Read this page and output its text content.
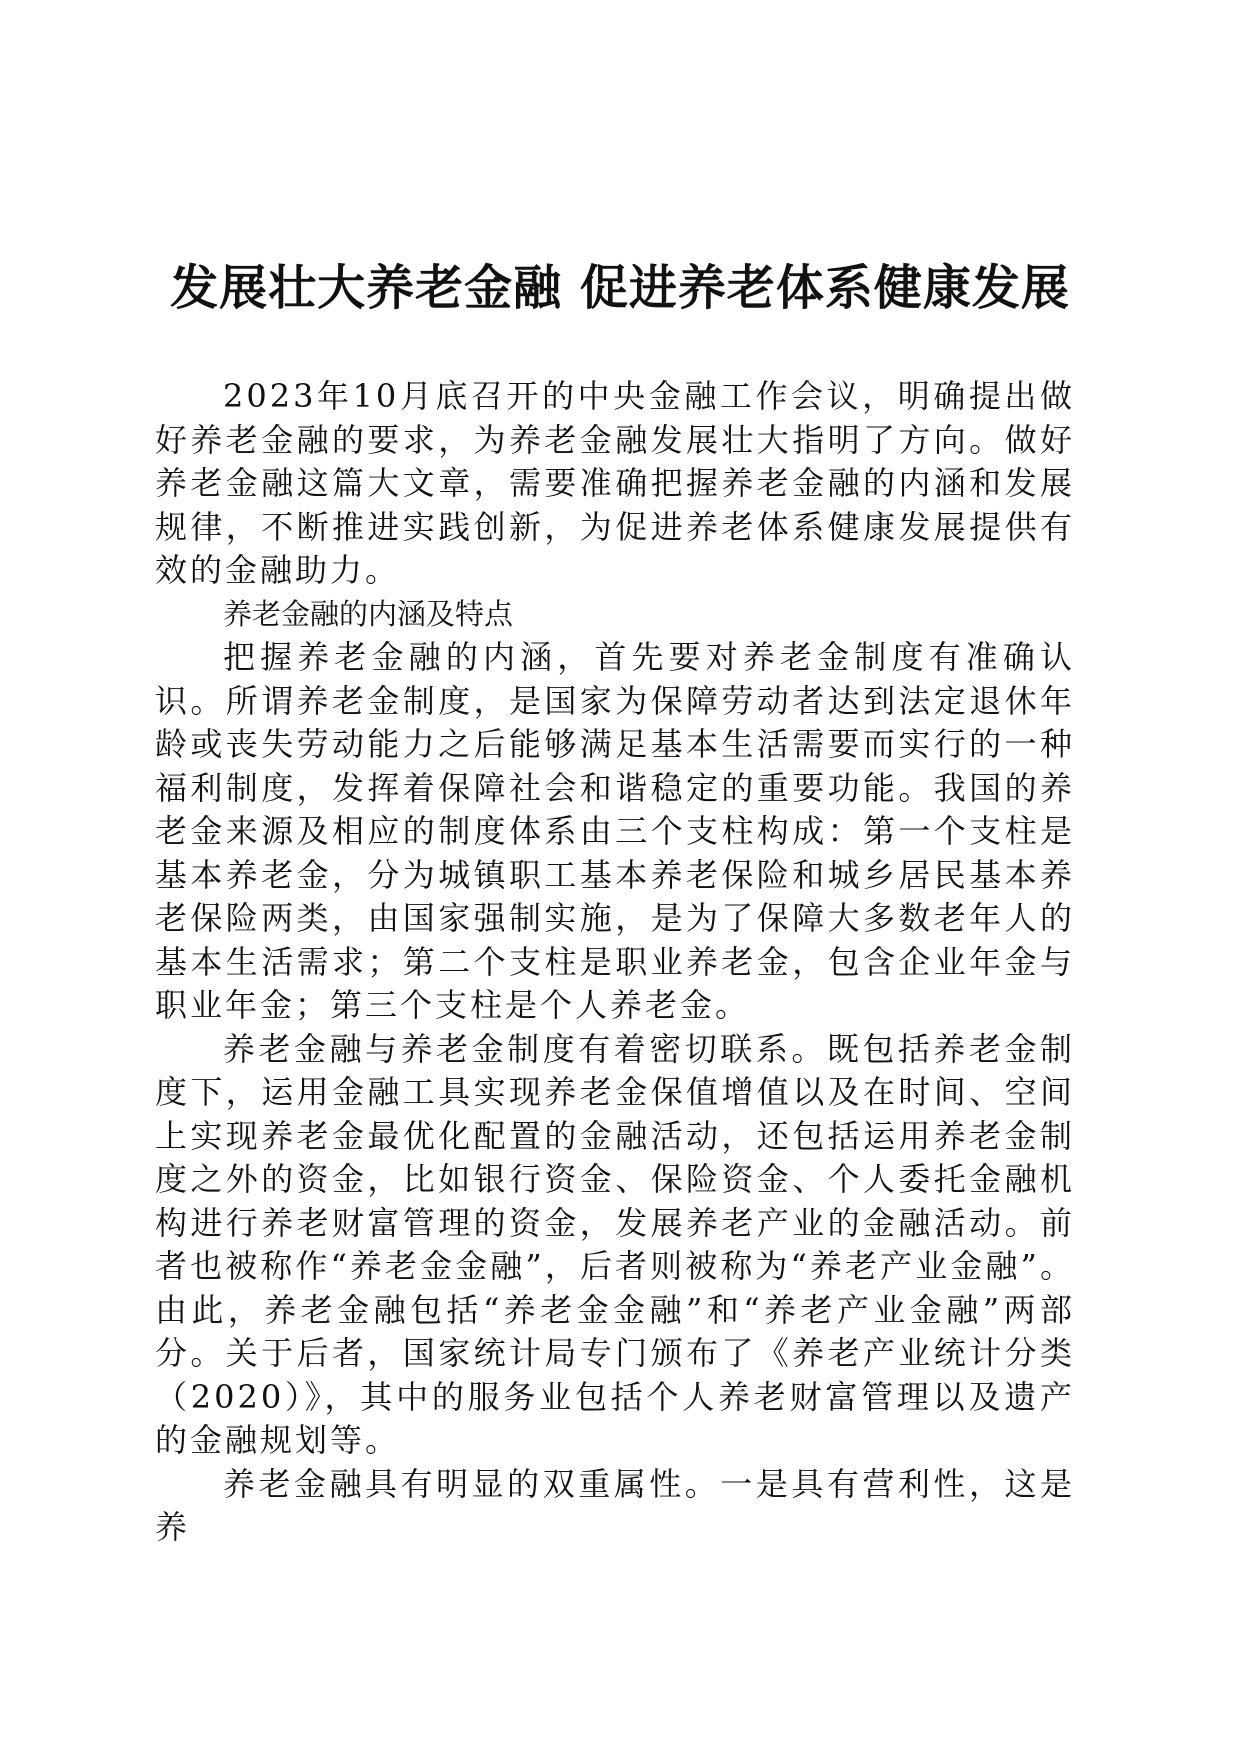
发展壮大养老金融 促进养老体系健康发展

2023年10月底召开的中央金融工作会议，明确提出做好养老金融的要求，为养老金融发展壮大指明了方向。做好养老金融这篇大文章，需要准确把握养老金融的内涵和发展规律，不断推进实践创新，为促进养老体系健康发展提供有效的金融助力。

养老金融的内涵及特点

把握养老金融的内涵，首先要对养老金制度有准确认识。所谓养老金制度，是国家为保障劳动者达到法定退休年龄或丧失劳动能力之后能够满足基本生活需要而实行的一种福利制度，发挥着保障社会和谐稳定的重要功能。我国的养老金来源及相应的制度体系由三个支柱构成：第一个支柱是基本养老金，分为城镇职工基本养老保险和城乡居民基本养老保险两类，由国家强制实施，是为了保障大多数老年人的基本生活需求；第二个支柱是职业养老金，包含企业年金与职业年金；第三个支柱是个人养老金。

养老金融与养老金制度有着密切联系。既包括养老金制度下，运用金融工具实现养老金保值增值以及在时间、空间上实现养老金最优化配置的金融活动，还包括运用养老金制度之外的资金，比如银行资金、保险资金、个人委托金融机构进行养老财富管理的资金，发展养老产业的金融活动。前者也被称作“养老金金融”，后者则被称为“养老产业金融”。由此，养老金融包括“养老金金融”和“养老产业金融”两部分。关于后者，国家统计局专门颁布了《养老产业统计分类（2020）》，其中的服务业包括个人养老财富管理以及遗产的金融规划等。

养老金融具有明显的双重属性。一是具有营利性，这是养
